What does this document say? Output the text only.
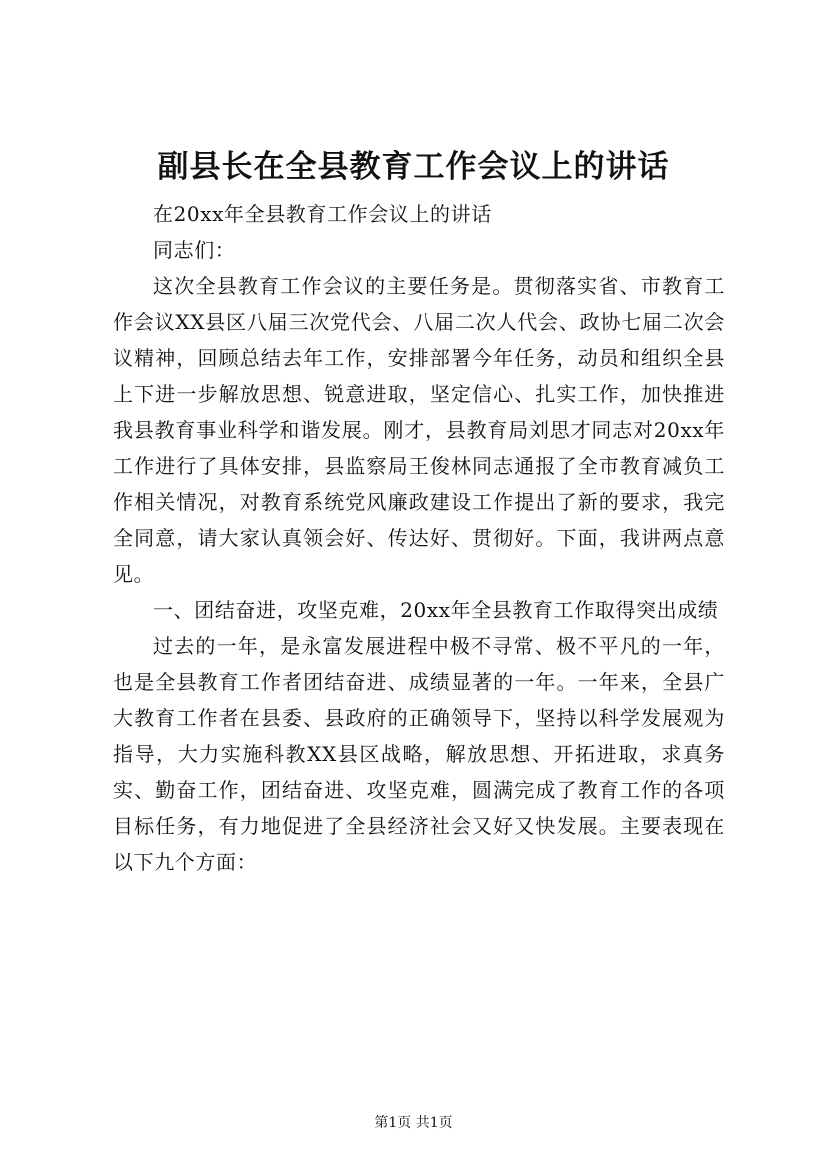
副县长在全县教育工作会议上的讲话

在20xx年全县教育工作会议上的讲话

同志们：

这次全县教育工作会议的主要任务是。贯彻落实省、市教育工作会议XX县区八届三次党代会、八届二次人代会、政协七届二次会议精神，回顾总结去年工作，安排部署今年任务，动员和组织全县上下进一步解放思想、锐意进取，坚定信心、扎实工作，加快推进我县教育事业科学和谐发展。刚才，县教育局刘思才同志对20xx年工作进行了具体安排，县监察局王俊林同志通报了全市教育减负工作相关情况，对教育系统党风廉政建设工作提出了新的要求，我完全同意，请大家认真领会好、传达好、贯彻好。下面，我讲两点意见。

一、团结奋进，攻坚克难，20xx年全县教育工作取得突出成绩

过去的一年，是永富发展进程中极不寻常、极不平凡的一年，也是全县教育工作者团结奋进、成绩显著的一年。一年来，全县广大教育工作者在县委、县政府的正确领导下，坚持以科学发展观为指导，大力实施科教XX县区战略，解放思想、开拓进取，求真务实、勤奋工作，团结奋进、攻坚克难，圆满完成了教育工作的各项目标任务，有力地促进了全县经济社会又好又快发展。主要表现在以下九个方面：

第1页 共1页
